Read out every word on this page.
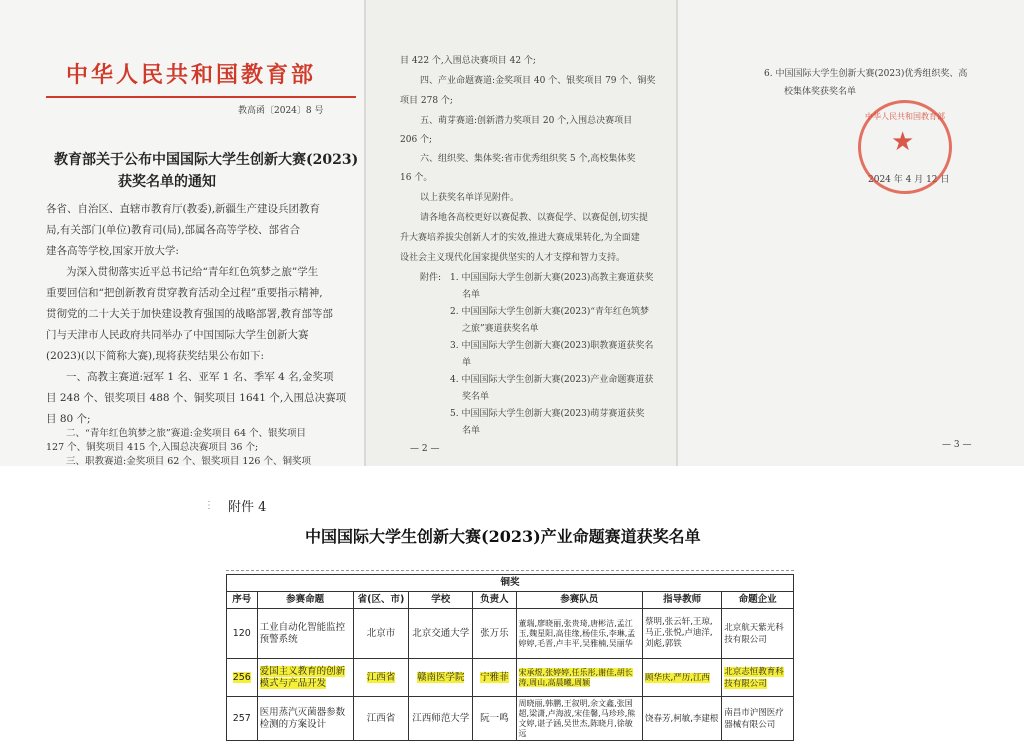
中华人民共和国教育部
教高函〔2024〕8 号
教育部关于公布中国国际大学生创新大赛(2023)
获奖名单的通知
各省、自治区、直辖市教育厅(教委),新疆生产建设兵团教育
局,有关部门(单位)教育司(局),部属各高等学校、部省合
建各高等学校,国家开放大学:
为深入贯彻落实近平总书记给“青年红色筑梦之旅”学生
重要回信和“把创新教育贯穿教育活动全过程”重要指示精神,
贯彻党的二十大关于加快建设教育强国的战略部署,教育部等部
门与天津市人民政府共同举办了中国国际大学生创新大赛
(2023)(以下简称大赛),现将获奖结果公布如下:
一、高教主赛道:冠军 1 名、亚军 1 名、季军 4 名,金奖项
目 248 个、银奖项目 488 个、铜奖项目 1641 个,入围总决赛项
目 80 个;
二、“青年红色筑梦之旅”赛道:金奖项目 64 个、银奖项目
127 个、铜奖项目 415 个,入围总决赛项目 36 个;
三、职教赛道:金奖项目 62 个、银奖项目 126 个、铜奖项
目 422 个,入围总决赛项目 42 个;
四、产业命题赛道:金奖项目 40 个、银奖项目 79 个、铜奖
项目 278 个;
五、萌芽赛道:创新潜力奖项目 20 个,入围总决赛项目
206 个;
六、组织奖、集体奖:省市优秀组织奖 5 个,高校集体奖
16 个。
以上获奖名单详见附件。
请各地各高校更好以赛促教、以赛促学、以赛促创,切实提
升大赛培养拔尖创新人才的实效,推进大赛成果转化,为全面建
设社会主义现代化国家提供坚实的人才支撑和智力支持。
附件: 1. 中国国际大学生创新大赛(2023)高教主赛道获奖
名单
2. 中国国际大学生创新大赛(2023)“青年红色筑梦
之旅”赛道获奖名单
3. 中国国际大学生创新大赛(2023)职教赛道获奖名
单
4. 中国国际大学生创新大赛(2023)产业命题赛道获
奖名单
5. 中国国际大学生创新大赛(2023)萌芽赛道获奖
名单
— 2 —
6. 中国国际大学生创新大赛(2023)优秀组织奖、高
校集体奖获奖名单
2024 年 4 月 12 日
— 3 —
中华人民共和国教育部
★
⋮ 附件 4
中国国际大学生创新大赛(2023)产业命题赛道获奖名单
铜奖							
序号	参赛命题	省(区、市)	学校	负责人	参赛队员	指导教师	命题企业
120	工业自动化智能监控预警系统	北京市	北京交通大学	张万乐	董瑞,廖晓丽,张贵琦,唐彬洁,孟江玉,魏星阳,高佳缘,杨佳乐,李琳,孟婷婷,毛晋,卢丰平,吴雅楠,吴丽华	蔡明,张云轩,王琼,马正,张悦,卢迪洋,刘彪,郭铁	北京航天紫光科技有限公司
256	爱国主义教育的创新模式与产品开发	江西省	赣南医学院	宁雅菲	宋承煜,张婷婷,任乐彤,谢佳,胡长涛,周山,高晨曦,周颖	顾华庆,严历,江西	北京志恒教育科技有限公司
257	医用蒸汽灭菌器参数检测的方案设计	江西省	江西师范大学	阮一鸣	周晓丽,韩鹏,王叙明,余文鑫,张国超,梁潇,卢海波,宋佳馨,马珍珍,熊文婷,谌子涵,吴世杰,陈晓月,徐敏远	饶春芳,柯敏,李建根	南昌市沪图医疗器械有限公司
